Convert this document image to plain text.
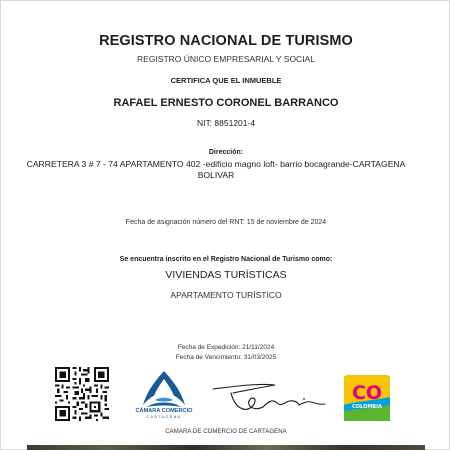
REGISTRO NACIONAL DE TURISMO
REGISTRO ÚNICO EMPRESARIAL Y SOCIAL
CERTIFICA QUE EL INMUEBLE
RAFAEL ERNESTO CORONEL BARRANCO
NIT: 8851201-4
Dirección:
CARRETERA 3 # 7 - 74 APARTAMENTO 402 -edificio magno loft- barrio bocagrande-CARTAGENA BOLIVAR
Fecha de asignación número del RNT: 15 de noviembre de 2024
Se encuentra inscrito en el Registro Nacional de Turismo como:
VIVIENDAS TURÍSTICAS
APARTAMENTO TURÍSTICO
Fecha de Expedición: 21/11/2024
Fecha de Vencimiento: 31/03/2025
CÁMARA COMERCIO
CARTAGENA
CO
COLOMBIA
CAMARA DE COMERCIO DE CARTAGENA
